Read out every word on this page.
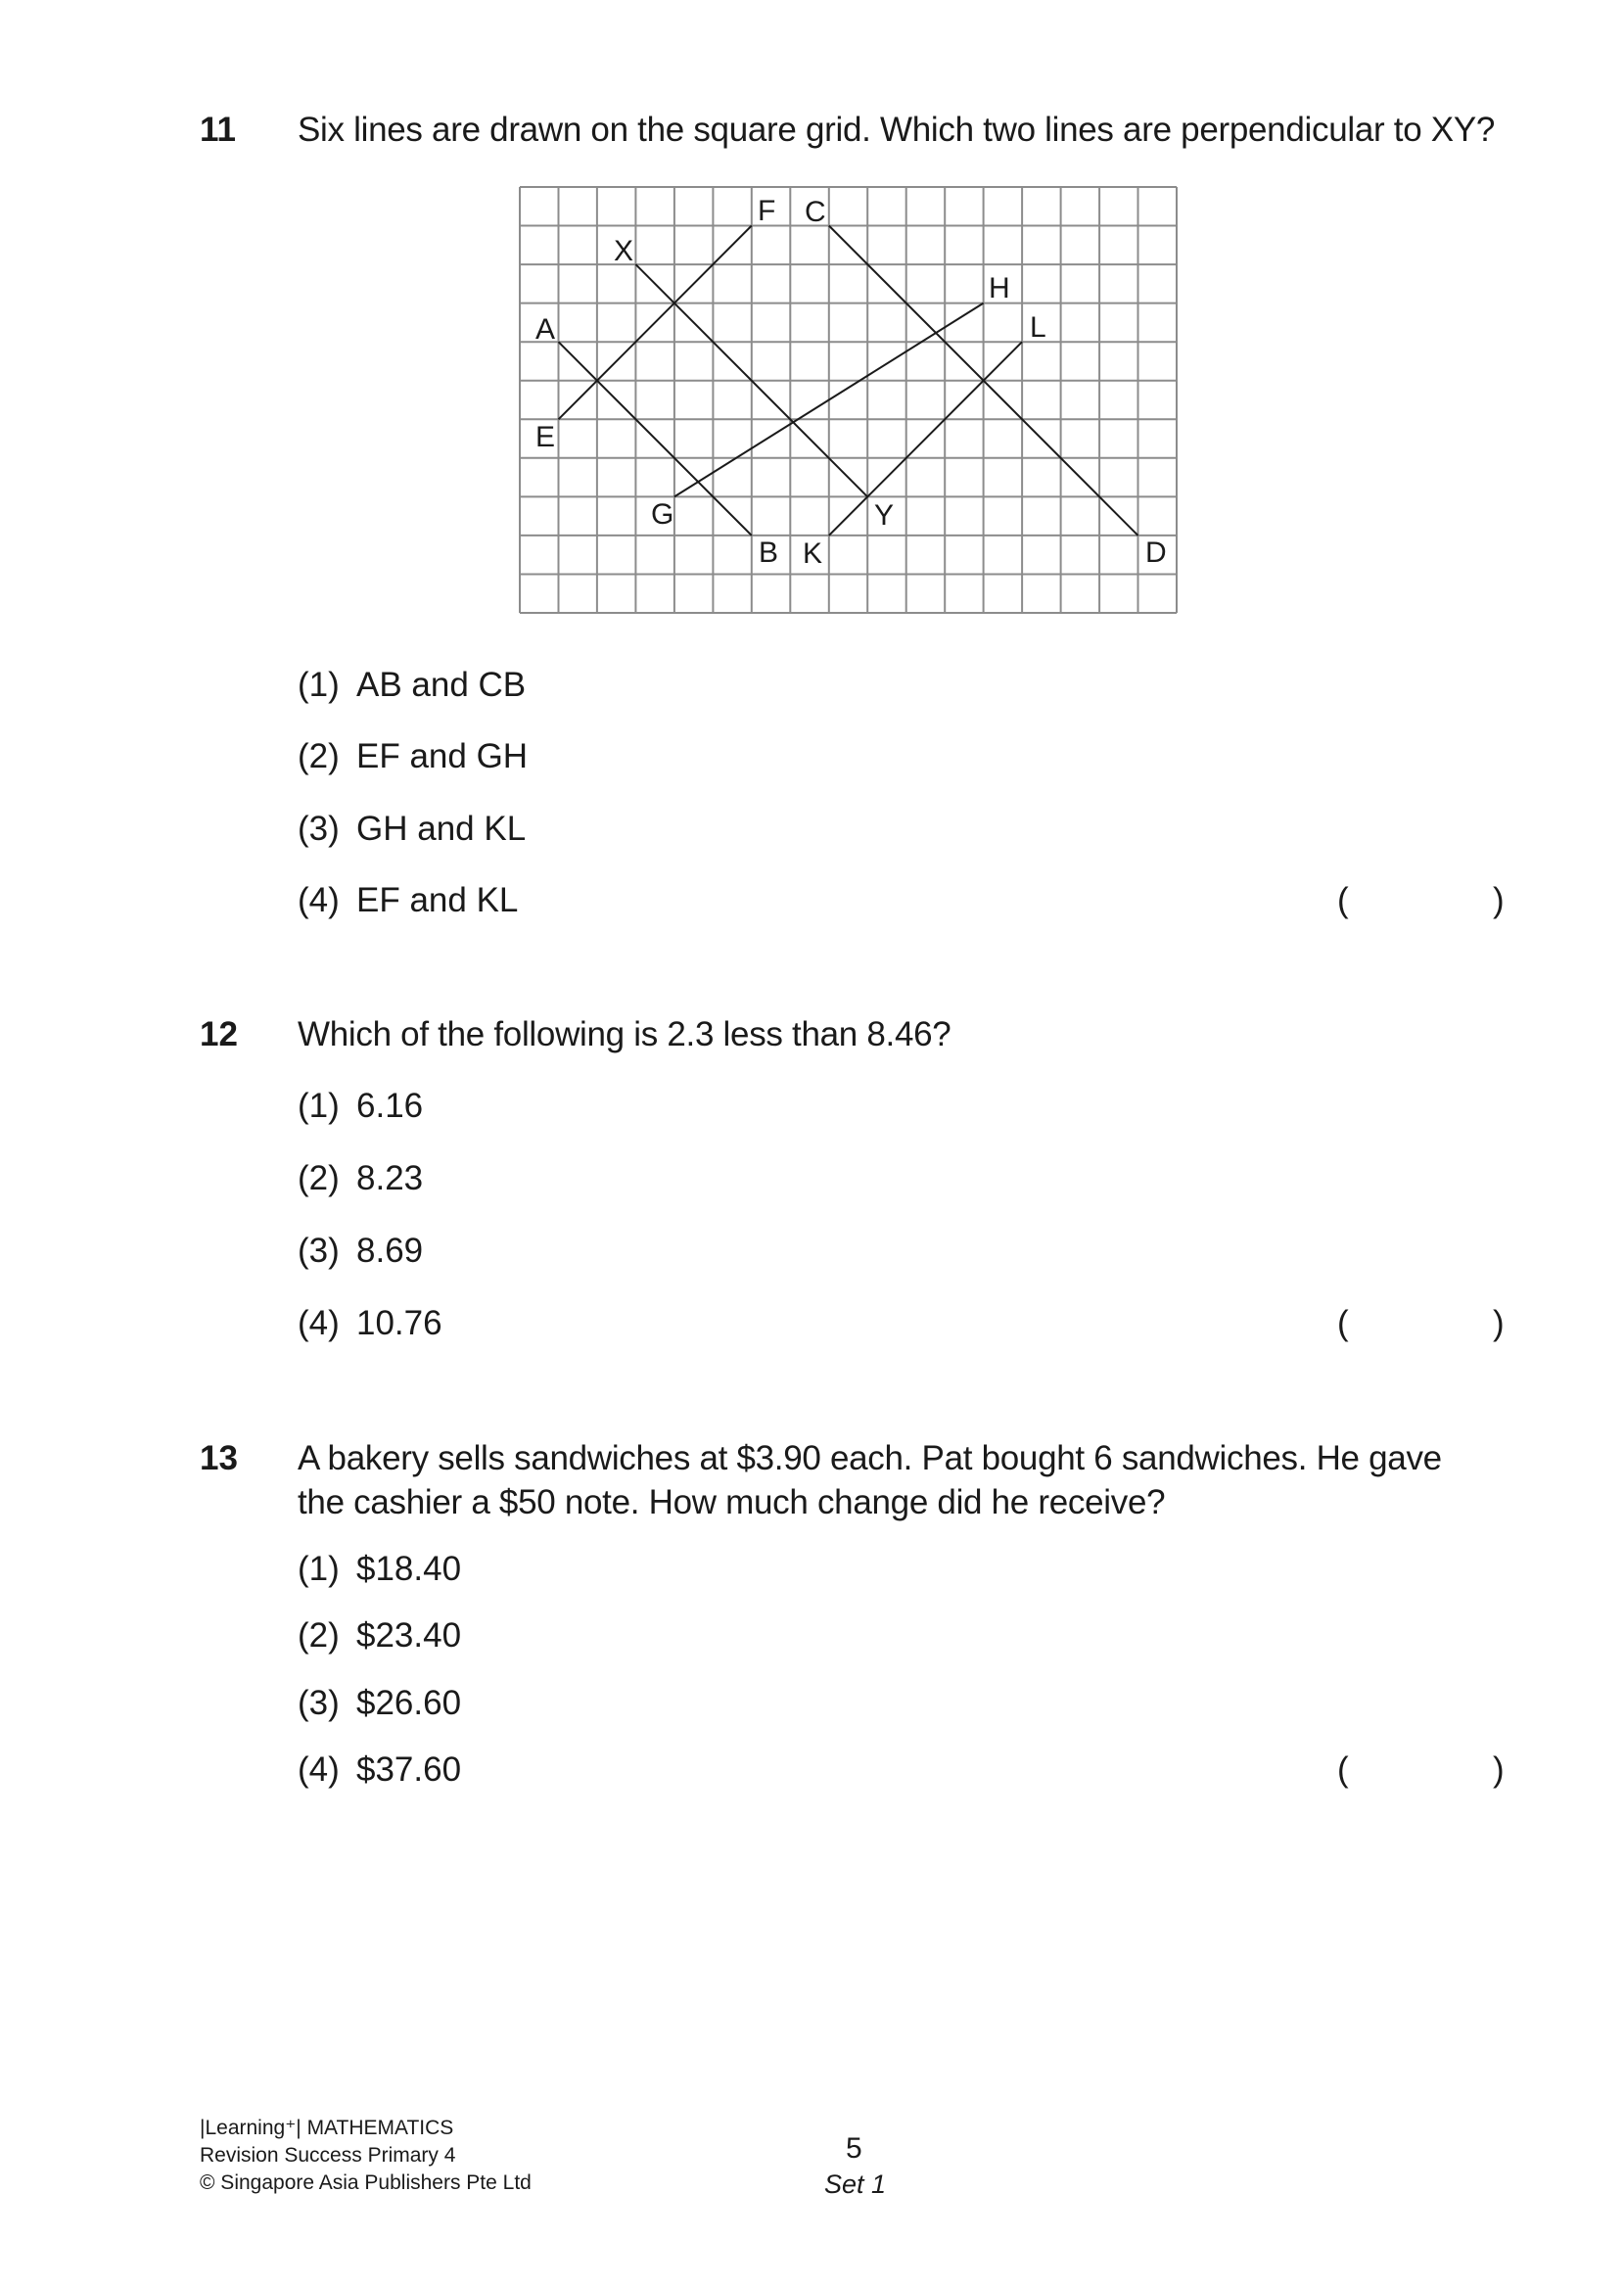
11 Six lines are drawn on the square grid. Which two lines are perpendicular to XY?
A
B
C
D
E
F
G
H
K
L
X
Y
(1) AB and CB
(2) EF and GH
(3) GH and KL
(4) EF and KL	(	)
12 Which of the following is 2.3 less than 8.46?
(1) 6.16
(2) 8.23
(3) 8.69
(4) 10.76	(	)
13 A bakery sells sandwiches at $3.90 each. Pat bought 6 sandwiches. He gave
the cashier a $50 note. How much change did he receive?
(1) $18.40
(2) $23.40
(3) $26.60
(4) $37.60	(	)
|Learning⁺| MATHEMATICS
Revision Success Primary 4
© Singapore Asia Publishers Pte Ltd
5
Set 1
